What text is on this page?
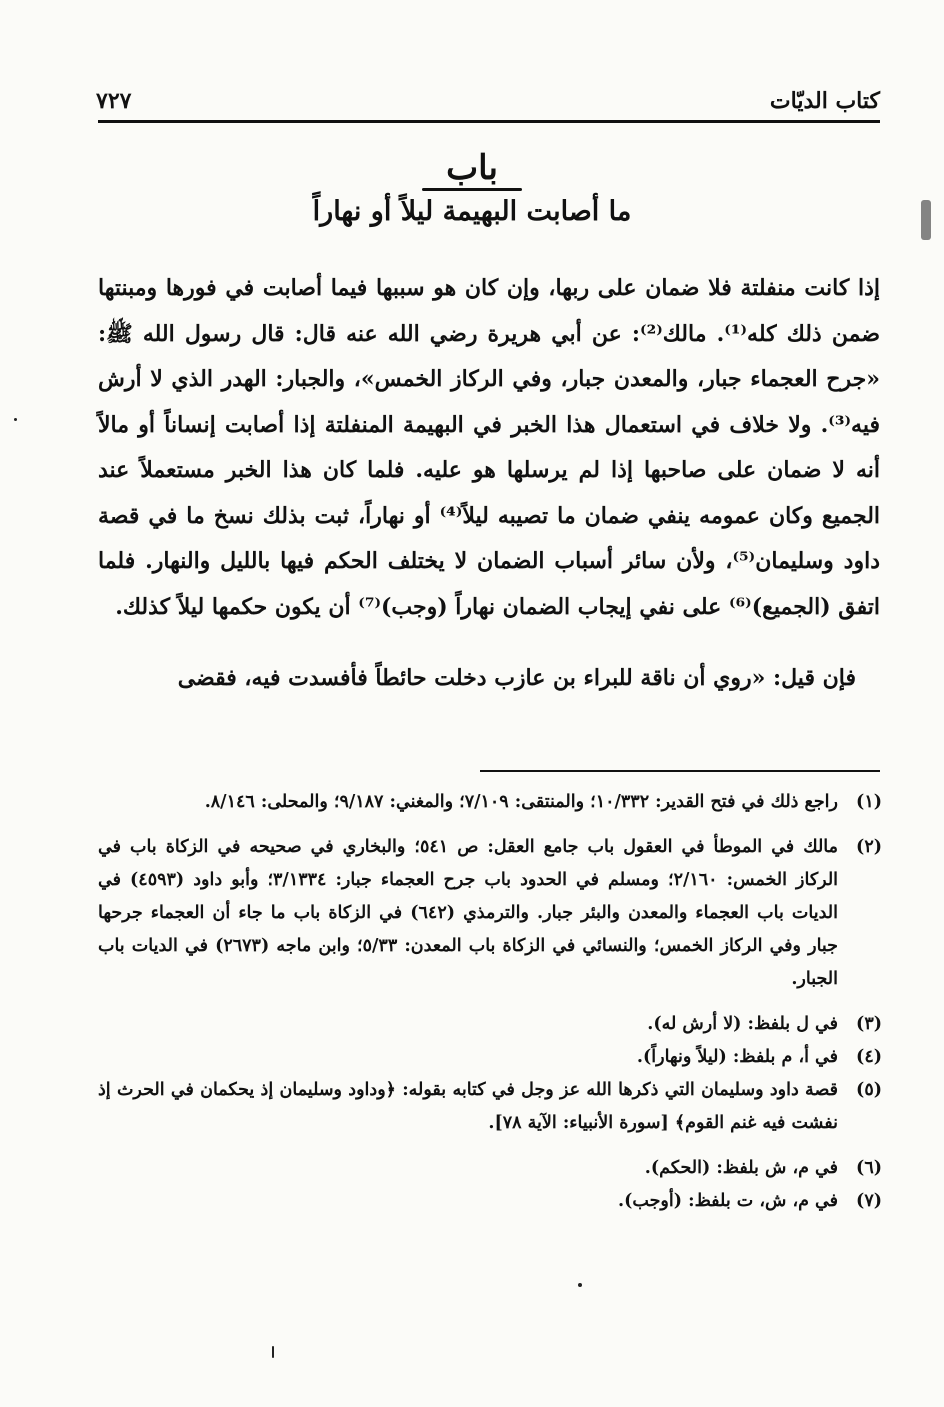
كتاب الديّات
٧٢٧
باب
ما أصابت البهيمة ليلاً أو نهاراً

إذا كانت منفلتة فلا ضمان على ربها، وإن كان هو سببها فيما أصابت في فورها ومبنتها ضمن ذلك كله⁽¹⁾. مالك⁽²⁾: عن أبي هريرة رضي الله عنه قال: قال رسول الله ﷺ: «جرح العجماء جبار، والمعدن جبار، وفي الركاز الخمس»، والجبار: الهدر الذي لا أرش فيه⁽³⁾. ولا خلاف في استعمال هذا الخبر في البهيمة المنفلتة إذا أصابت إنساناً أو مالاً أنه لا ضمان على صاحبها إذا لم يرسلها هو عليه. فلما كان هذا الخبر مستعملاً عند الجميع وكان عمومه ينفي ضمان ما تصيبه ليلاً⁽⁴⁾ أو نهاراً، ثبت بذلك نسخ ما في قصة داود وسليمان⁽⁵⁾، ولأن سائر أسباب الضمان لا يختلف الحكم فيها بالليل والنهار. فلما اتفق (الجميع)⁽⁶⁾ على نفي إيجاب الضمان نهاراً (وجب)⁽⁷⁾ أن يكون حكمها ليلاً كذلك.

فإن قيل: «روي أن ناقة للبراء بن عازب دخلت حائطاً فأفسدت فيه، فقضى

(١)
راجع ذلك في فتح القدير: ١٠/٣٣٢؛ والمنتقى: ٧/١٠٩؛ والمغني: ٩/١٨٧؛ والمحلى: ٨/١٤٦.
(٢)
مالك في الموطأ في العقول باب جامع العقل: ص ٥٤١؛ والبخاري في صحيحه في الزكاة باب في الركاز الخمس: ٢/١٦٠؛ ومسلم في الحدود باب جرح العجماء جبار: ٣/١٣٣٤؛ وأبو داود (٤٥٩٣) في الديات باب العجماء والمعدن والبئر جبار. والترمذي (٦٤٢) في الزكاة باب ما جاء أن العجماء جرحها جبار وفي الركاز الخمس؛ والنسائي في الزكاة باب المعدن: ٥/٣٣؛ وابن ماجه (٢٦٧٣) في الديات باب الجبار.
(٣)
في ل بلفظ: (لا أرش له).
(٤)
في أ، م بلفظ: (ليلاً ونهاراً).
(٥)
قصة داود وسليمان التي ذكرها الله عز وجل في كتابه بقوله: ﴿وداود وسليمان إذ يحكمان في الحرث إذ نفشت فيه غنم القوم﴾ [سورة الأنبياء: الآية ٧٨].
(٦)
في م، ش بلفظ: (الحكم).
(٧)
في م، ش، ت بلفظ: (أوجب).
